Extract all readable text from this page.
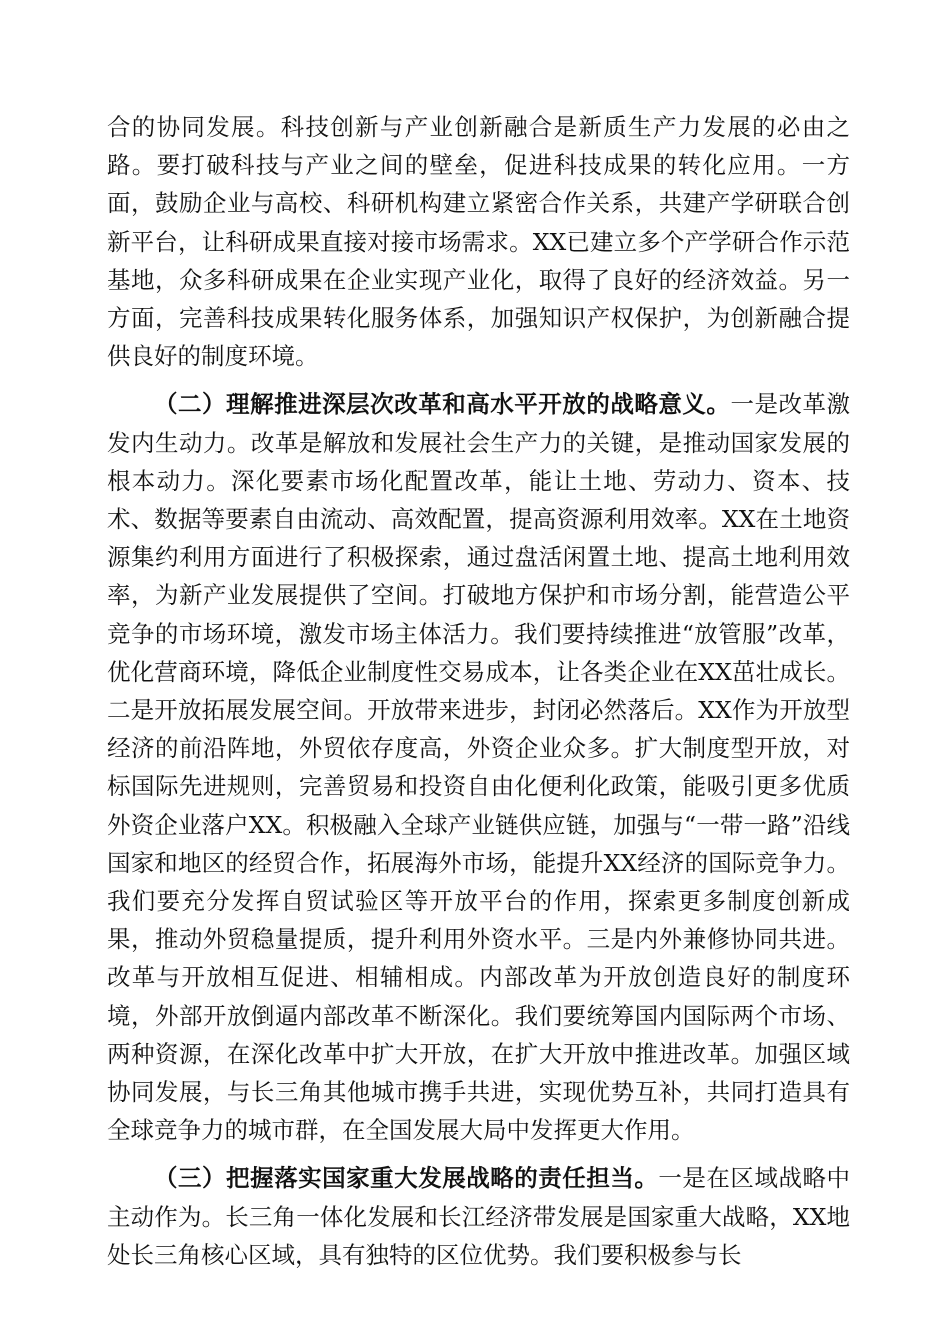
合的协同发展。科技创新与产业创新融合是新质生产力发展的必由之路。要打破科技与产业之间的壁垒，促进科技成果的转化应用。一方面，鼓励企业与高校、科研机构建立紧密合作关系，共建产学研联合创新平台，让科研成果直接对接市场需求。XX已建立多个产学研合作示范基地，众多科研成果在企业实现产业化，取得了良好的经济效益。另一方面，完善科技成果转化服务体系，加强知识产权保护，为创新融合提供良好的制度环境。

（二）理解推进深层次改革和高水平开放的战略意义。一是改革激发内生动力。改革是解放和发展社会生产力的关键，是推动国家发展的根本动力。深化要素市场化配置改革，能让土地、劳动力、资本、技术、数据等要素自由流动、高效配置，提高资源利用效率。XX在土地资源集约利用方面进行了积极探索，通过盘活闲置土地、提高土地利用效率，为新产业发展提供了空间。打破地方保护和市场分割，能营造公平竞争的市场环境，激发市场主体活力。我们要持续推进“放管服”改革，优化营商环境，降低企业制度性交易成本，让各类企业在XX茁壮成长。二是开放拓展发展空间。开放带来进步，封闭必然落后。XX作为开放型经济的前沿阵地，外贸依存度高，外资企业众多。扩大制度型开放，对标国际先进规则，完善贸易和投资自由化便利化政策，能吸引更多优质外资企业落户XX。积极融入全球产业链供应链，加强与“一带一路”沿线国家和地区的经贸合作，拓展海外市场，能提升XX经济的国际竞争力。我们要充分发挥自贸试验区等开放平台的作用，探索更多制度创新成果，推动外贸稳量提质，提升利用外资水平。三是内外兼修协同共进。改革与开放相互促进、相辅相成。内部改革为开放创造良好的制度环境，外部开放倒逼内部改革不断深化。我们要统筹国内国际两个市场、两种资源，在深化改革中扩大开放，在扩大开放中推进改革。加强区域协同发展，与长三角其他城市携手共进，实现优势互补，共同打造具有全球竞争力的城市群，在全国发展大局中发挥更大作用。

（三）把握落实国家重大发展战略的责任担当。一是在区域战略中主动作为。长三角一体化发展和长江经济带发展是国家重大战略，XX地处长三角核心区域，具有独特的区位优势。我们要积极参与长
